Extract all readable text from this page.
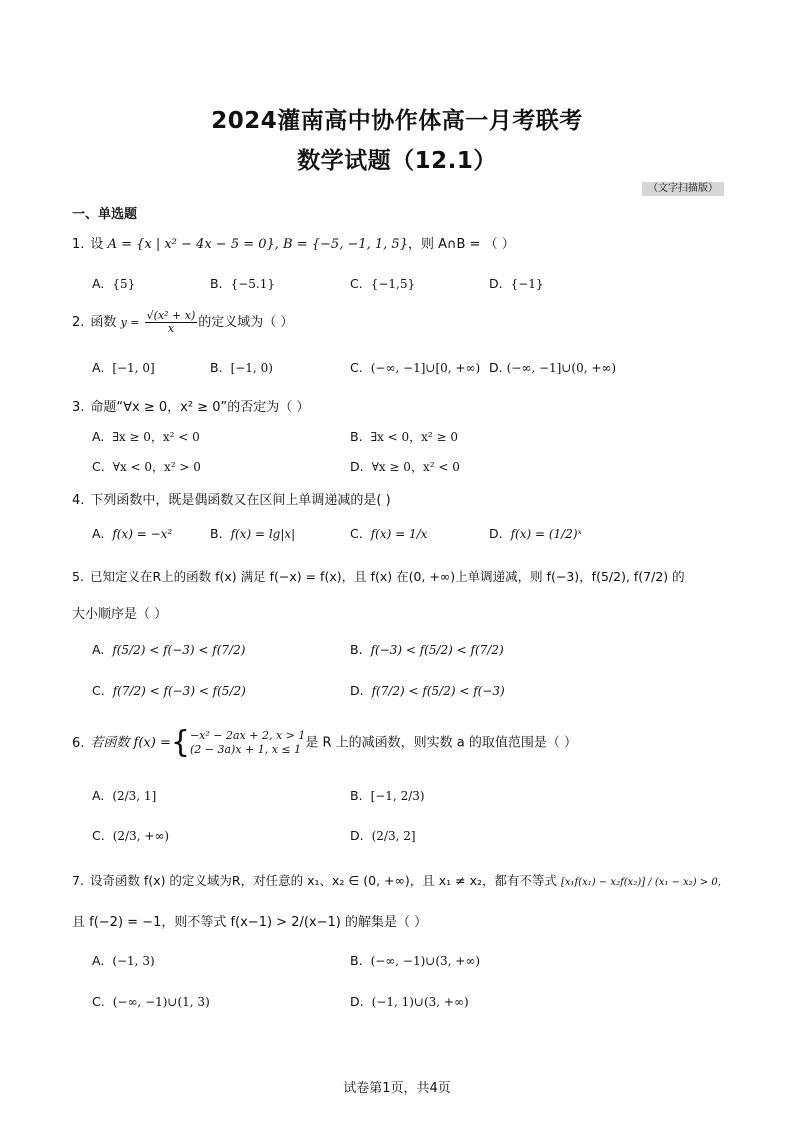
2024灌南高中协作体高一月考联考
数学试题（12.1）
（文字扫描版）
一、单选题
1. 设 A = {x | x² − 4x − 5 = 0}, B = {−5, −1, 1, 5}，则 A∩B = （ ）
A. {5}	B. {−5.1}	C. {−1,5}	D. {−1}
2. 函数 $y = \frac{\text{√(x² + x)}}{x}$ 的定义域为（ ）
A. [−1, 0]	B. [−1, 0)	C. (−∞, −1]∪[0, +∞) D. (−∞, −1]∪(0, +∞)
3. 命题“∀x ≥ 0，x² ≥ 0”的否定为（ ）
A. ∃x ≥ 0，x² < 0	B. ∃x < 0，x² ≥ 0
C. ∀x < 0，x² > 0	D. ∀x ≥ 0，x² < 0
4. 下列函数中，既是偶函数又在区间上单调递减的是( )
A. f(x) = −x²	B. f(x) = lg|x|	C. f(x) = 1/x	D. f(x) = (1/2)ˣ
5. 已知定义在R上的函数 f(x) 满足 f(−x) = f(x)，且 f(x) 在(0, +∞)上单调递减，则 f(−3)，f(5/2), f(7/2) 的
大小顺序是（ ）
A. f(5/2) < f(−3) < f(7/2)	B. f(−3) < f(5/2) < f(7/2)
C. f(7/2) < f(−3) < f(5/2)	D. f(7/2) < f(5/2) < f(−3)
6. 若函数 f(x) ={ −x² − 2ax + 2, x > 1
(2 − 3a)x + 1, x ≤ 1 是 R 上的减函数，则实数 a 的取值范围是（ ）
A. (2/3, 1]	B. [−1, 2/3)
C. (2/3, +∞)	D. (2/3, 2]
7. 设奇函数 f(x) 的定义域为R，对任意的 x₁、x₂ ∈ (0, +∞)，且 x₁ ≠ x₂，都有不等式 [x₁f(x₁) − x₂f(x₂)] / (x₁ − x₂) > 0，
且 f(−2) = −1，则不等式 f(x−1) > 2/(x−1) 的解集是（ ）
A. (−1, 3)	B. (−∞, −1)∪(3, +∞)
C. (−∞, −1)∪(1, 3)	D. (−1, 1)∪(3, +∞)
试卷第1页，共4页
